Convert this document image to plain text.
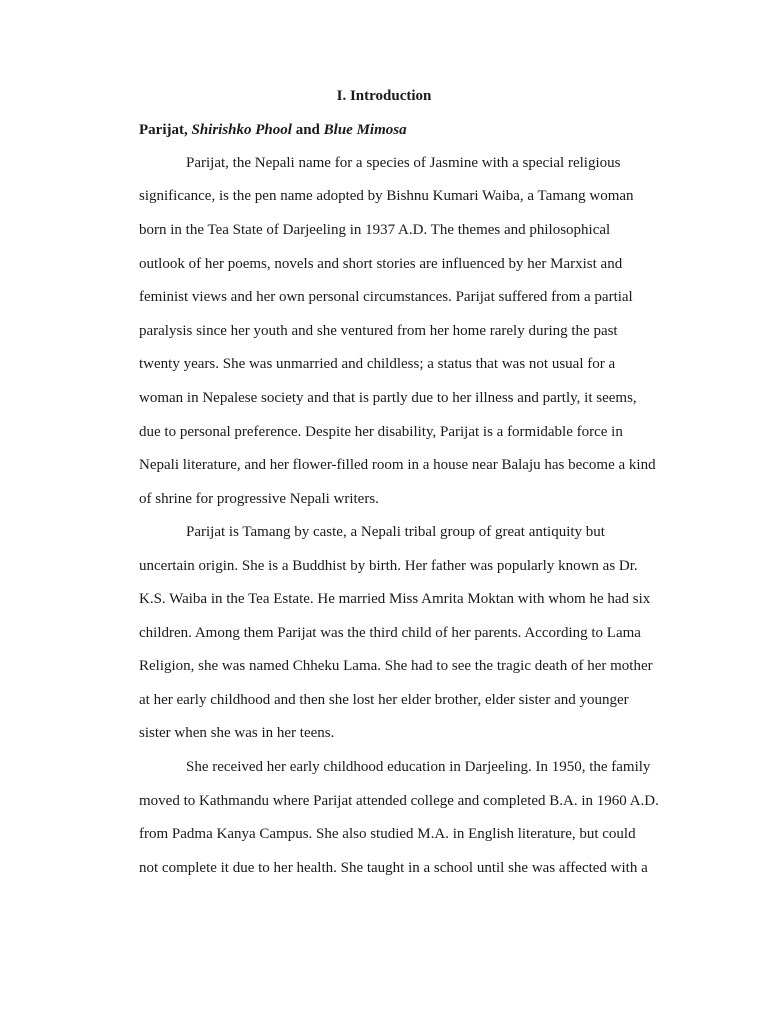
I. Introduction
Parijat, Shirishko Phool and Blue Mimosa

Parijat, the Nepali name for a species of Jasmine with a special religious

significance, is the pen name adopted by Bishnu Kumari Waiba, a Tamang woman

born in the Tea State of Darjeeling in 1937 A.D. The themes and philosophical

outlook of her poems, novels and short stories are influenced by her Marxist and

feminist views and her own personal circumstances. Parijat suffered from a partial

paralysis since her youth and she ventured from her home rarely during the past

twenty years. She was unmarried and childless; a status that was not usual for a

woman in Nepalese society and that is partly due to her illness and partly, it seems,

due to personal preference. Despite her disability, Parijat is a formidable force in

Nepali literature, and her flower-filled room in a house near Balaju has become a kind

of shrine for progressive Nepali writers.

Parijat is Tamang by caste, a Nepali tribal group of great antiquity but

uncertain origin. She is a Buddhist by birth. Her father was popularly known as Dr.

K.S. Waiba in the Tea Estate. He married Miss Amrita Moktan with whom he had six

children. Among them Parijat was the third child of her parents. According to Lama

Religion, she was named Chheku Lama. She had to see the tragic death of her mother

at her early childhood and then she lost her elder brother, elder sister and younger

sister when she was in her teens.

She received her early childhood education in Darjeeling. In 1950, the family

moved to Kathmandu where Parijat attended college and completed B.A. in 1960 A.D.

from Padma Kanya Campus. She also studied M.A. in English literature, but could

not complete it due to her health. She taught in a school until she was affected with a
